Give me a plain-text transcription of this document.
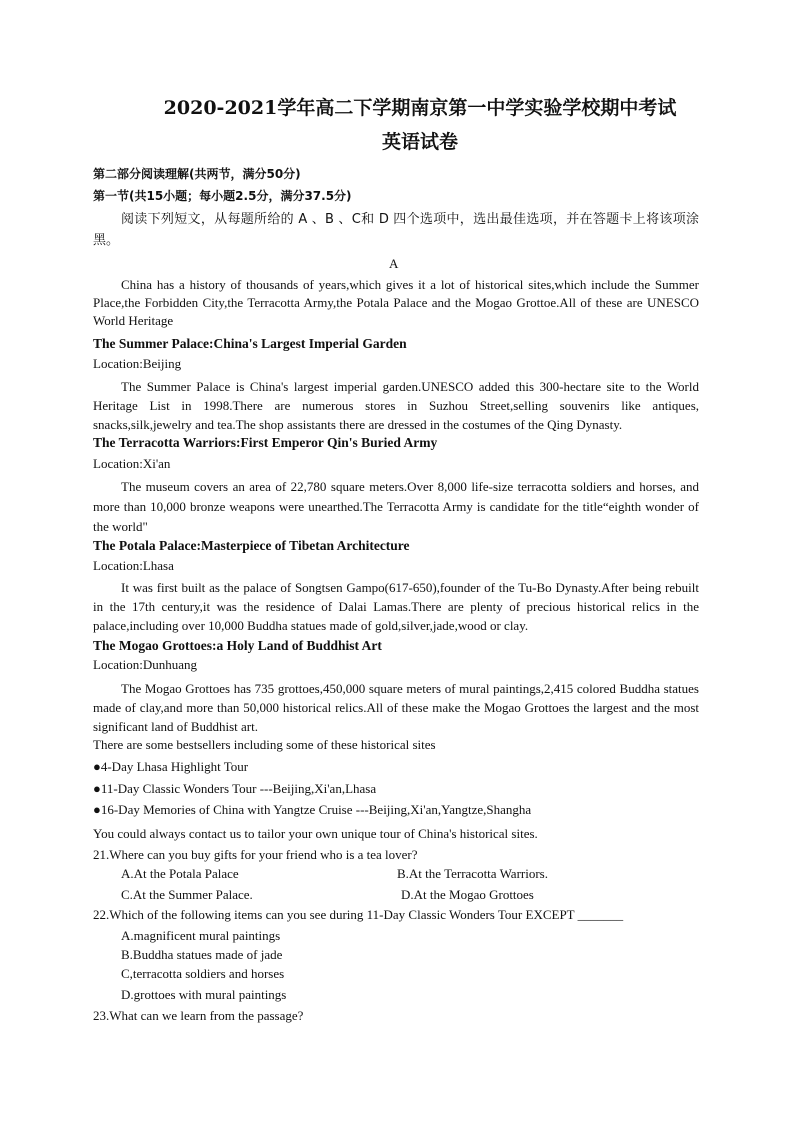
2020-2021学年高二下学期南京第一中学实验学校期中考试
英语试卷
第二部分阅读理解(共两节，满分50分)
第一节(共15小题；每小题2.5分，满分37.5分)
阅读下列短文，从每题所给的 A 、B 、C和 D 四个选项中，选出最佳选项，并在答题卡上将该项涂黑。
A
China has a history of thousands of years,which gives it a lot of historical sites,which include the Summer Place,the Forbidden City,the Terracotta Army,the Potala Palace and the Mogao Grottoe.All of these are UNESCO World Heritage
The Summer Palace:China's Largest Imperial Garden
Location:Beijing
The Summer Palace is China's largest imperial garden.UNESCO added this 300-hectare site to the World Heritage List in 1998.There are numerous stores in Suzhou Street,selling souvenirs like antiques, snacks,silk,jewelry and tea.The shop assistants there are dressed in the costumes of the Qing Dynasty.
The Terracotta Warriors:First Emperor Qin's Buried Army
Location:Xi'an
The museum covers an area of 22,780 square meters.Over 8,000 life-size terracotta soldiers and horses, and more than 10,000 bronze weapons were unearthed.The Terracotta Army is candidate for the title“eighth wonder of the world"
The Potala Palace:Masterpiece of Tibetan Architecture
Location:Lhasa
It was first built as the palace of Songtsen Gampo(617-650),founder of the Tu-Bo Dynasty.After being rebuilt in the 17th century,it was the residence of Dalai Lamas.There are plenty of precious historical relics in the palace,including over 10,000 Buddha statues made of gold,silver,jade,wood or clay.
The Mogao Grottoes:a Holy Land of Buddhist Art
Location:Dunhuang
The Mogao Grottoes has 735 grottoes,450,000 square meters of mural paintings,2,415 colored Buddha statues made of clay,and more than 50,000 historical relics.All of these make the Mogao Grottoes the largest and the most significant land of Buddhist art.
There are some bestsellers including some of these historical sites
●4-Day Lhasa Highlight Tour
●11-Day Classic Wonders Tour ---Beijing,Xi'an,Lhasa
●16-Day Memories of China with Yangtze Cruise ---Beijing,Xi'an,Yangtze,Shangha
You could always contact us to tailor your own unique tour of China's historical sites.
21.Where can you buy gifts for your friend who is a tea lover?
A.At the Potala Palace	B.At the Terracotta Warriors.
C.At the Summer Palace.	D.At the Mogao Grottoes
22.Which of the following items can you see during 11-Day Classic Wonders Tour EXCEPT _______
A.magnificent mural paintings
B.Buddha statues made of jade
C,terracotta soldiers and horses
D.grottoes with mural paintings
23.What can we learn from the passage?
